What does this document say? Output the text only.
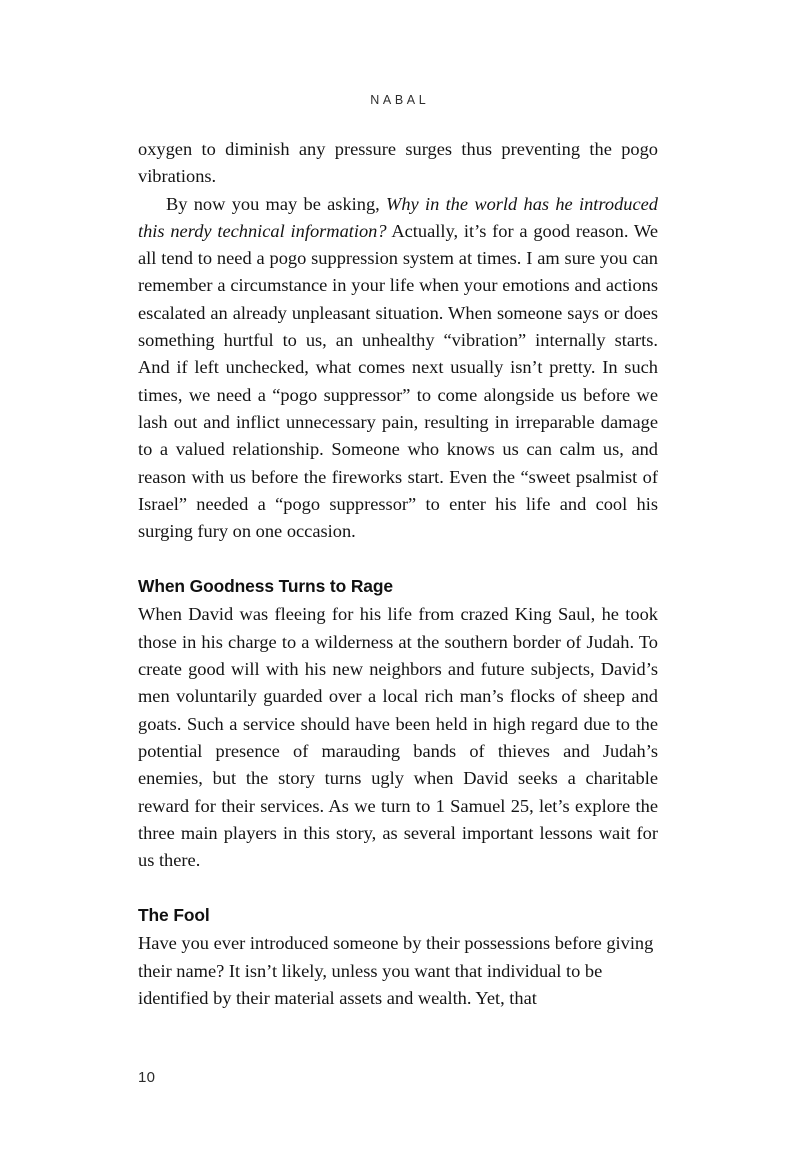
NABAL

oxygen to diminish any pressure surges thus preventing the pogo vibrations.

By now you may be asking, Why in the world has he introduced this nerdy technical information? Actually, it’s for a good reason. We all tend to need a pogo suppression system at times. I am sure you can remember a circumstance in your life when your emotions and actions escalated an already unpleasant situation. When someone says or does something hurtful to us, an unhealthy “vibration” internally starts. And if left unchecked, what comes next usually isn’t pretty. In such times, we need a “pogo suppressor” to come alongside us before we lash out and inflict unnecessary pain, resulting in irreparable damage to a valued relationship. Someone who knows us can calm us, and reason with us before the fireworks start. Even the “sweet psalmist of Israel” needed a “pogo suppressor” to enter his life and cool his surging fury on one occasion.

When Goodness Turns to Rage

When David was fleeing for his life from crazed King Saul, he took those in his charge to a wilderness at the southern border of Judah. To create good will with his new neighbors and future subjects, David’s men voluntarily guarded over a local rich man’s flocks of sheep and goats. Such a service should have been held in high regard due to the potential presence of marauding bands of thieves and Judah’s enemies, but the story turns ugly when David seeks a charitable reward for their services. As we turn to 1 Samuel 25, let’s explore the three main players in this story, as several important lessons wait for us there.

The Fool

Have you ever introduced someone by their possessions before giving their name? It isn’t likely, unless you want that individual to be identified by their material assets and wealth. Yet, that

10
